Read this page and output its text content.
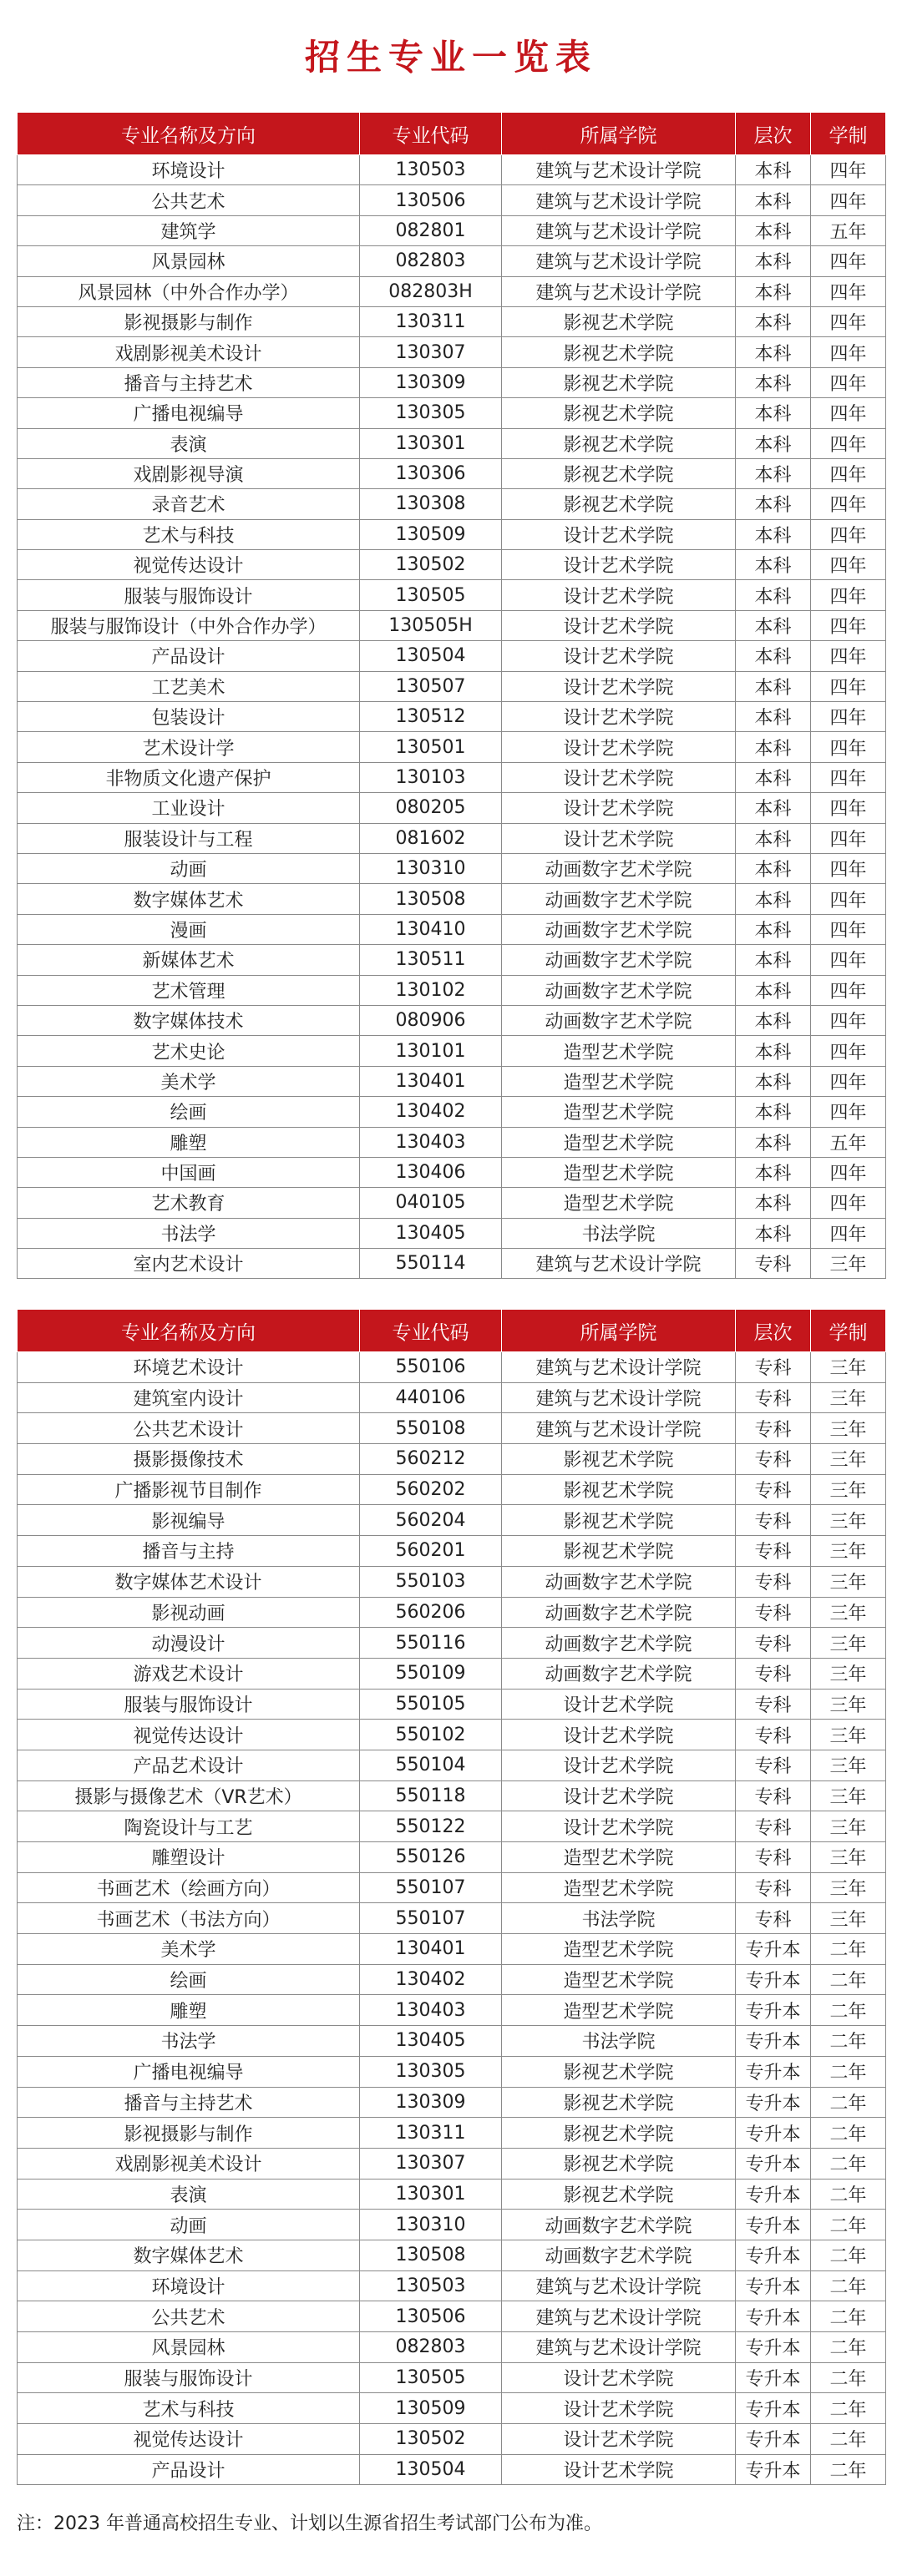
招生专业一览表
专业名称及方向	专业代码	所属学院	层次	学制
环境设计	130503	建筑与艺术设计学院	本科	四年
公共艺术	130506	建筑与艺术设计学院	本科	四年
建筑学	082801	建筑与艺术设计学院	本科	五年
风景园林	082803	建筑与艺术设计学院	本科	四年
风景园林（中外合作办学）	082803H	建筑与艺术设计学院	本科	四年
影视摄影与制作	130311	影视艺术学院	本科	四年
戏剧影视美术设计	130307	影视艺术学院	本科	四年
播音与主持艺术	130309	影视艺术学院	本科	四年
广播电视编导	130305	影视艺术学院	本科	四年
表演	130301	影视艺术学院	本科	四年
戏剧影视导演	130306	影视艺术学院	本科	四年
录音艺术	130308	影视艺术学院	本科	四年
艺术与科技	130509	设计艺术学院	本科	四年
视觉传达设计	130502	设计艺术学院	本科	四年
服装与服饰设计	130505	设计艺术学院	本科	四年
服装与服饰设计（中外合作办学）	130505H	设计艺术学院	本科	四年
产品设计	130504	设计艺术学院	本科	四年
工艺美术	130507	设计艺术学院	本科	四年
包装设计	130512	设计艺术学院	本科	四年
艺术设计学	130501	设计艺术学院	本科	四年
非物质文化遗产保护	130103	设计艺术学院	本科	四年
工业设计	080205	设计艺术学院	本科	四年
服装设计与工程	081602	设计艺术学院	本科	四年
动画	130310	动画数字艺术学院	本科	四年
数字媒体艺术	130508	动画数字艺术学院	本科	四年
漫画	130410	动画数字艺术学院	本科	四年
新媒体艺术	130511	动画数字艺术学院	本科	四年
艺术管理	130102	动画数字艺术学院	本科	四年
数字媒体技术	080906	动画数字艺术学院	本科	四年
艺术史论	130101	造型艺术学院	本科	四年
美术学	130401	造型艺术学院	本科	四年
绘画	130402	造型艺术学院	本科	四年
雕塑	130403	造型艺术学院	本科	五年
中国画	130406	造型艺术学院	本科	四年
艺术教育	040105	造型艺术学院	本科	四年
书法学	130405	书法学院	本科	四年
室内艺术设计	550114	建筑与艺术设计学院	专科	三年
专业名称及方向	专业代码	所属学院	层次	学制
环境艺术设计	550106	建筑与艺术设计学院	专科	三年
建筑室内设计	440106	建筑与艺术设计学院	专科	三年
公共艺术设计	550108	建筑与艺术设计学院	专科	三年
摄影摄像技术	560212	影视艺术学院	专科	三年
广播影视节目制作	560202	影视艺术学院	专科	三年
影视编导	560204	影视艺术学院	专科	三年
播音与主持	560201	影视艺术学院	专科	三年
数字媒体艺术设计	550103	动画数字艺术学院	专科	三年
影视动画	560206	动画数字艺术学院	专科	三年
动漫设计	550116	动画数字艺术学院	专科	三年
游戏艺术设计	550109	动画数字艺术学院	专科	三年
服装与服饰设计	550105	设计艺术学院	专科	三年
视觉传达设计	550102	设计艺术学院	专科	三年
产品艺术设计	550104	设计艺术学院	专科	三年
摄影与摄像艺术（VR艺术）	550118	设计艺术学院	专科	三年
陶瓷设计与工艺	550122	设计艺术学院	专科	三年
雕塑设计	550126	造型艺术学院	专科	三年
书画艺术（绘画方向）	550107	造型艺术学院	专科	三年
书画艺术（书法方向）	550107	书法学院	专科	三年
美术学	130401	造型艺术学院	专升本	二年
绘画	130402	造型艺术学院	专升本	二年
雕塑	130403	造型艺术学院	专升本	二年
书法学	130405	书法学院	专升本	二年
广播电视编导	130305	影视艺术学院	专升本	二年
播音与主持艺术	130309	影视艺术学院	专升本	二年
影视摄影与制作	130311	影视艺术学院	专升本	二年
戏剧影视美术设计	130307	影视艺术学院	专升本	二年
表演	130301	影视艺术学院	专升本	二年
动画	130310	动画数字艺术学院	专升本	二年
数字媒体艺术	130508	动画数字艺术学院	专升本	二年
环境设计	130503	建筑与艺术设计学院	专升本	二年
公共艺术	130506	建筑与艺术设计学院	专升本	二年
风景园林	082803	建筑与艺术设计学院	专升本	二年
服装与服饰设计	130505	设计艺术学院	专升本	二年
艺术与科技	130509	设计艺术学院	专升本	二年
视觉传达设计	130502	设计艺术学院	专升本	二年
产品设计	130504	设计艺术学院	专升本	二年
注：2023 年普通高校招生专业、计划以生源省招生考试部门公布为准。
